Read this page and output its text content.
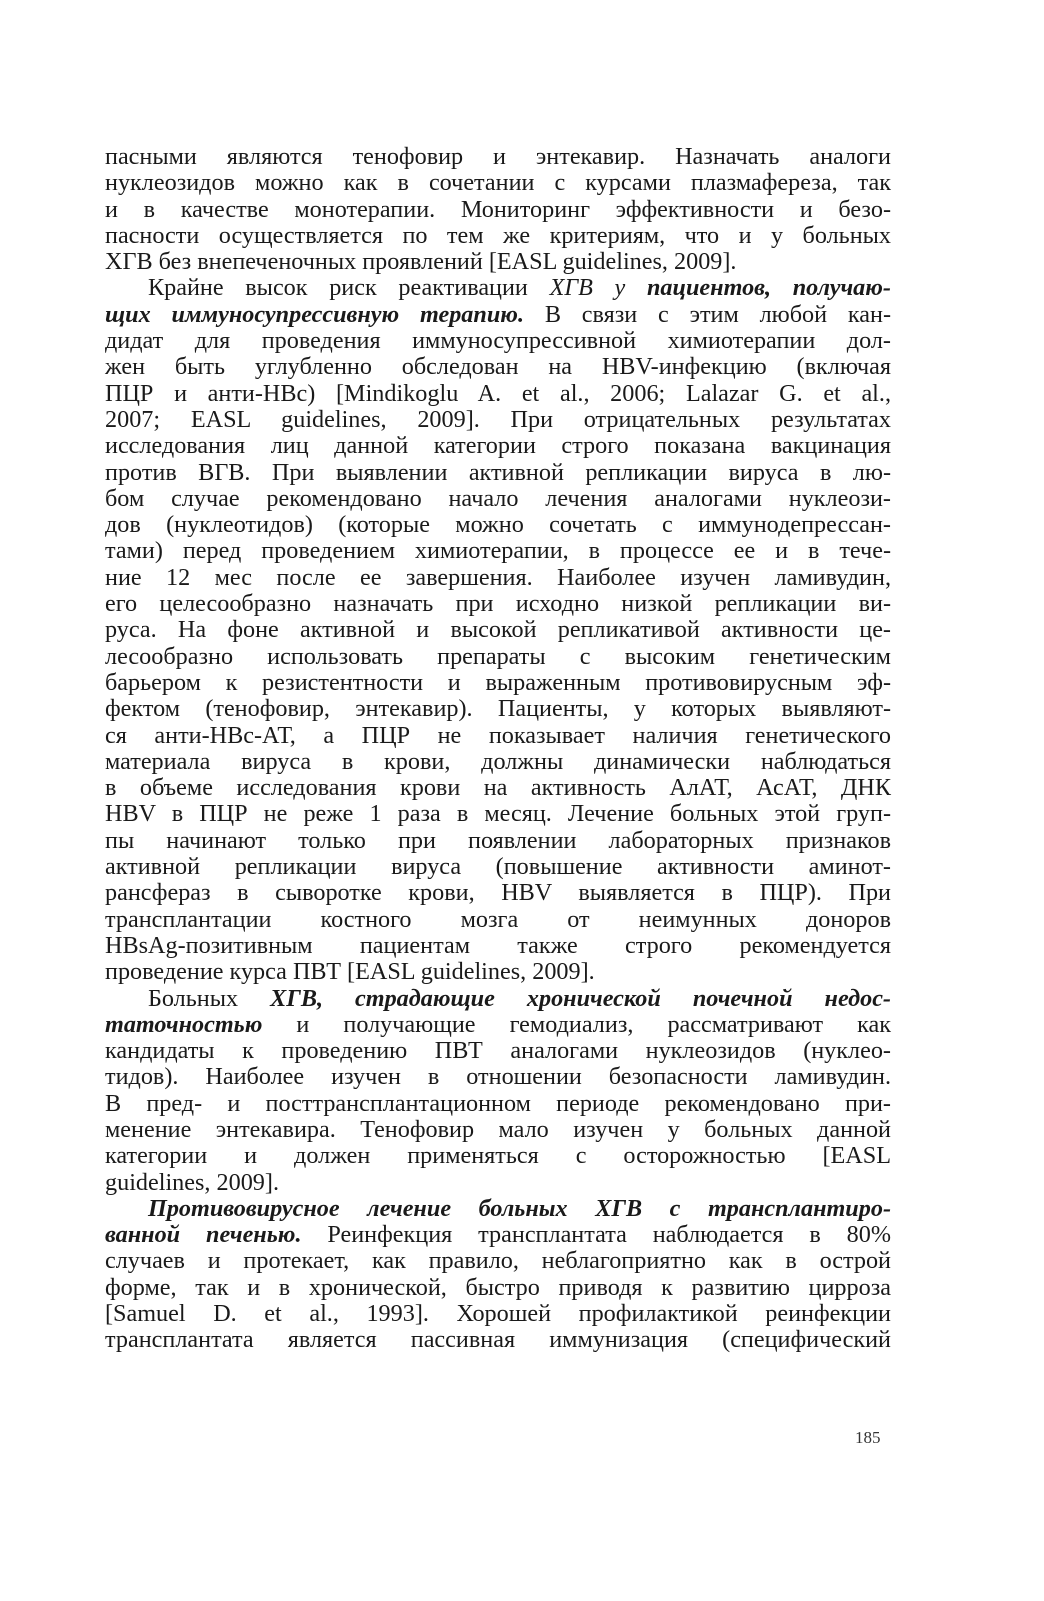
пасными являются тенофовир и энтекавир. Назначать аналоги
нуклеозидов можно как в сочетании с курсами плазмафереза, так
и в качестве монотерапии. Мониторинг эффективности и безо-
пасности осуществляется по тем же критериям, что и у больных
ХГВ без внепеченочных проявлений [EASL guidelines, 2009].
Крайне высок риск реактивации ХГВ у пациентов, получаю-
щих иммуносупрессивную терапию. В связи с этим любой кан-
дидат для проведения иммуносупрессивной химиотерапии дол-
жен быть углубленно обследован на HBV-инфекцию (включая
ПЦР и анти-HBc) [Mindikoglu A. et al., 2006; Lalazar G. et al.,
2007; EASL guidelines, 2009]. При отрицательных результатах
исследования лиц данной категории строго показана вакцинация
против ВГВ. При выявлении активной репликации вируса в лю-
бом случае рекомендовано начало лечения аналогами нуклеози-
дов (нуклеотидов) (которые можно сочетать с иммунодепрессан-
тами) перед проведением химиотерапии, в процессе ее и в тече-
ние 12 мес после ее завершения. Наиболее изучен ламивудин,
его целесообразно назначать при исходно низкой репликации ви-
руса. На фоне активной и высокой репликативой активности це-
лесообразно использовать препараты с высоким генетическим
барьером к резистентности и выраженным противовирусным эф-
фектом (тенофовир, энтекавир). Пациенты, у которых выявляют-
ся анти-HBc-АТ, а ПЦР не показывает наличия генетического
материала вируса в крови, должны динамически наблюдаться
в объеме исследования крови на активность АлАТ, АсАТ, ДНК
HBV в ПЦР не реже 1 раза в месяц. Лечение больных этой груп-
пы начинают только при появлении лабораторных признаков
активной репликации вируса (повышение активности аминот-
рансфераз в сыворотке крови, HBV выявляется в ПЦР). При
трансплантации костного мозга от неимунных доноров
HBsAg-позитивным пациентам также строго рекомендуется
проведение курса ПВТ [EASL guidelines, 2009].
Больных ХГВ, страдающие хронической почечной недос-
таточностью и получающие гемодиализ, рассматривают как
кандидаты к проведению ПВТ аналогами нуклеозидов (нуклео-
тидов). Наиболее изучен в отношении безопасности ламивудин.
В пред- и посттрансплантационном периоде рекомендовано при-
менение энтекавира. Тенофовир мало изучен у больных данной
категории и должен применяться с осторожностью [EASL
guidelines, 2009].
Противовирусное лечение больных ХГВ с трансплантиро-
ванной печенью. Реинфекция трансплантата наблюдается в 80%
случаев и протекает, как правило, неблагоприятно как в острой
форме, так и в хронической, быстро приводя к развитию цирроза
[Samuel D. et al., 1993]. Хорошей профилактикой реинфекции
трансплантата является пассивная иммунизация (специфический
185
